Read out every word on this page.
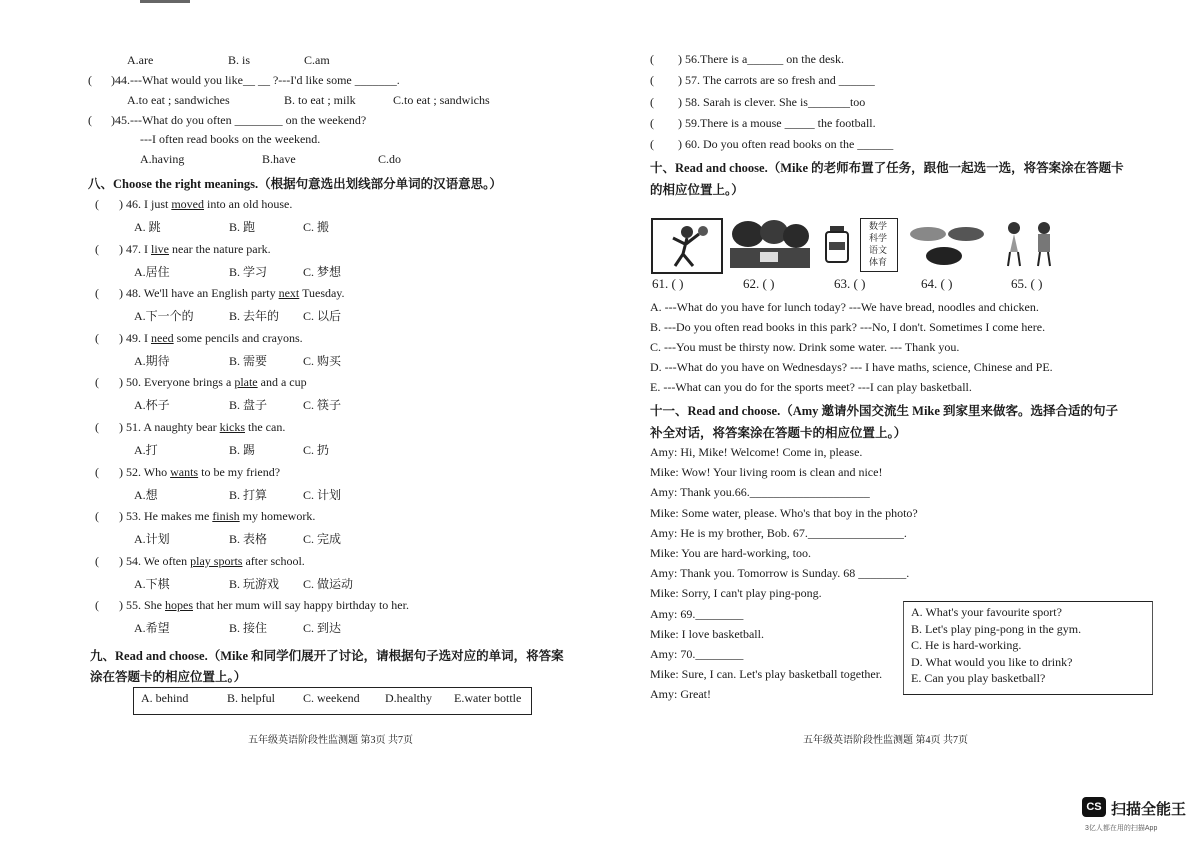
A.are	B. is	C.am
( )44.---What would you like__ __ ?---I'd like some _______.
A.to eat ; sandwiches	B. to eat ; milk	C.to eat ; sandwichs
( )45.---What do you often ________ on the weekend?
---I often read books on the weekend.
A.having	B.have	C.do
八、Choose the right meanings.（根据句意选出划线部分单词的汉语意思。）
( ) 46. I just moved into an old house.
A. 跳	B. 跑	C. 搬
( ) 47. I live near the nature park.
A.居住	B. 学习	C. 梦想
( ) 48. We'll have an English party next Tuesday.
A.下一个的	B. 去年的 C. 以后
( ) 49. I need some pencils and crayons.
A.期待	B. 需要	C. 购买
( ) 50. Everyone brings a plate and a cup
A.杯子	B. 盘子	C. 筷子
( ) 51. A naughty bear kicks the can.
A.打	B. 踢	C. 扔
( ) 52. Who wants to be my friend?
A.想	B. 打算	C. 计划
( ) 53. He makes me finish my homework.
A.计划	B. 表格	C. 完成
( ) 54. We often play sports after school.
A.下棋	B. 玩游戏 C. 做运动
( ) 55. She hopes that her mum will say happy birthday to her.
A.希望	B. 接住	C. 到达
九、Read and choose.（Mike 和同学们展开了讨论，请根据句子选对应的单词，将答案
涂在答题卡的相应位置上。）
A. behind	B. helpful C. weekend D.healthy E.water bottle
五年级英语阶段性监测题 第3页 共7页
( ) 56.There is a______ on the desk.
( ) 57. The carrots are so fresh and ______
( ) 58. Sarah is clever. She is_______too
( ) 59.There is a mouse _____ the football.
( ) 60. Do you often read books on the ______
十、Read and choose.（Mike 的老师布置了任务，跟他一起选一选，将答案涂在答题卡
的相应位置上。）
数学
科学
语文
体育
61. ( )	62. ( )	63. ( )	64. ( )	65. ( )
A. ---What do you have for lunch today? ---We have bread, noodles and chicken.
B. ---Do you often read books in this park? ---No, I don't. Sometimes I come here.
C. ---You must be thirsty now. Drink some water. --- Thank you.
D. ---What do you have on Wednesdays? --- I have maths, science, Chinese and PE.
E. ---What can you do for the sports meet? ---I can play basketball.
十一、Read and choose.（Amy 邀请外国交流生 Mike 到家里来做客。选择合适的句子
补全对话，将答案涂在答题卡的相应位置上。）
Amy: Hi, Mike! Welcome! Come in, please.
Mike: Wow! Your living room is clean and nice!
Amy: Thank you.66.____________________
Mike: Some water, please. Who's that boy in the photo?
Amy: He is my brother, Bob. 67.________________.
Mike: You are hard-working, too.
Amy: Thank you. Tomorrow is Sunday. 68 ________.
Mike: Sorry, I can't play ping-pong.
Amy: 69.________
Mike: I love basketball.
Amy: 70.________
Mike: Sure, I can. Let's play basketball together.
Amy: Great!
A. What's your favourite sport?
B. Let's play ping-pong in the gym.
C. He is hard-working.
D. What would you like to drink?
E. Can you play basketball?
五年级英语阶段性监测题 第4页 共7页
CS 扫描全能王
3亿人都在用的扫描App
